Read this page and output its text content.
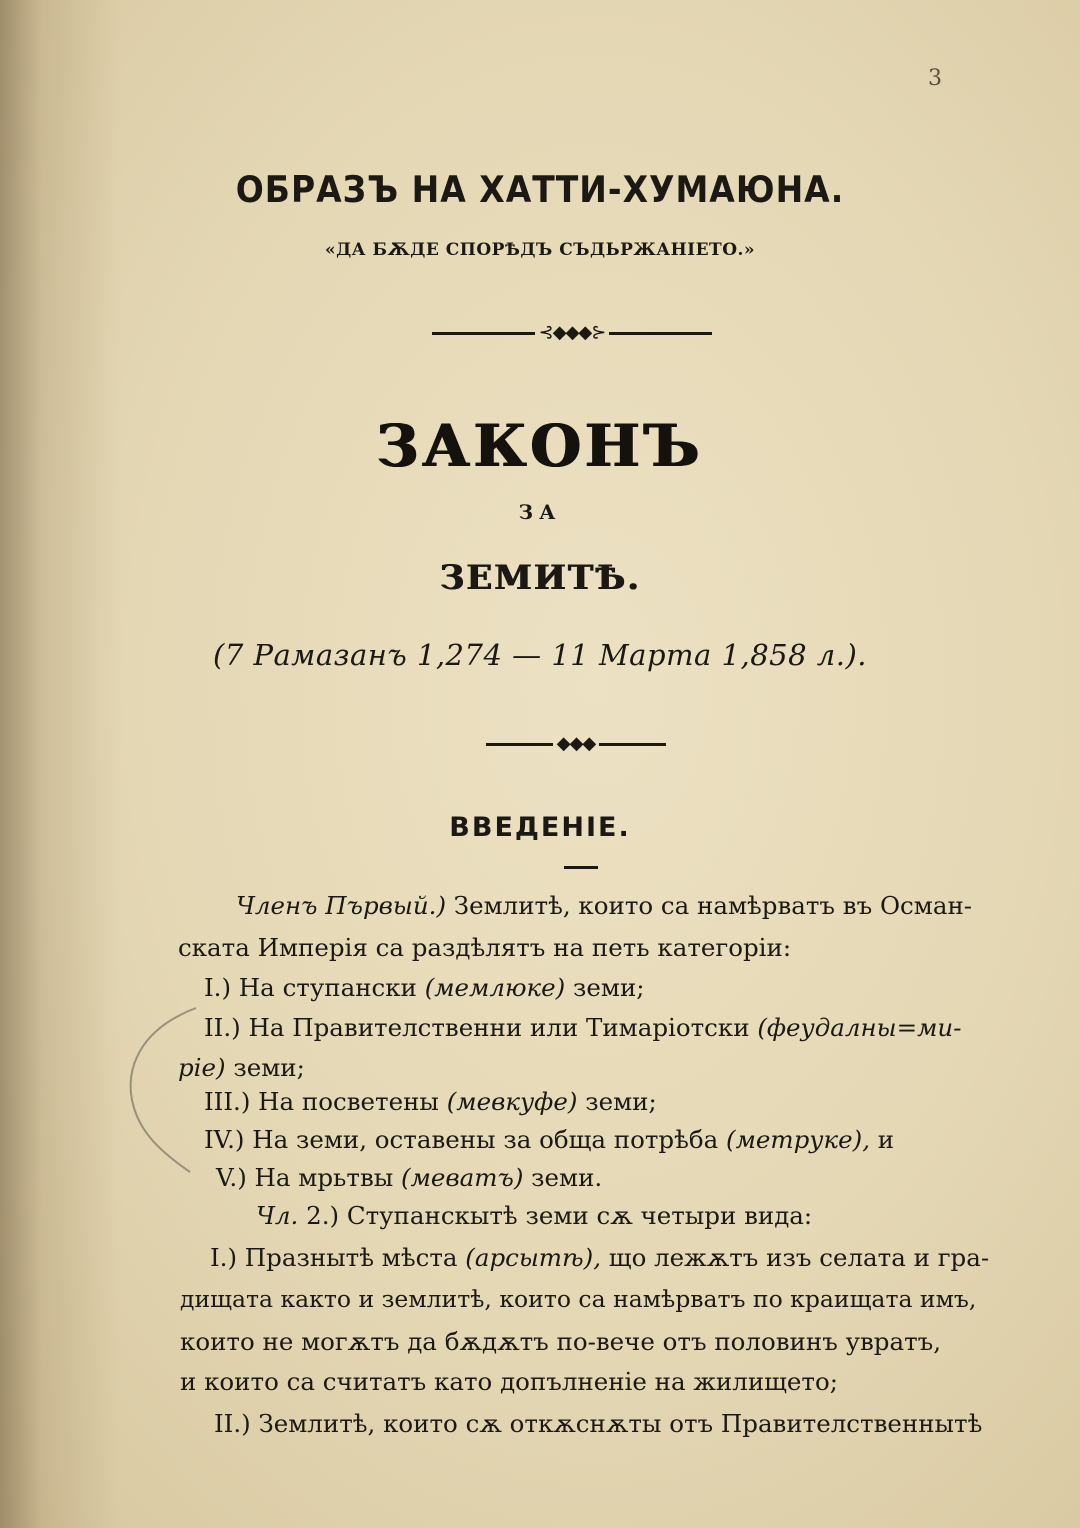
3
ОБРАЗЪ НА ХАТТИ-ХУМАЮНА.
«ДА БѪДЕ СПОРѢДЪ СЪДЬРЖАНІЕТО.»
⊰◆◆◆⊱
ЗАКОНЪ
ЗА
ЗЕМИТѢ.
(7 Рамазанъ 1,274 — 11 Марта 1,858 л.).
◆◆◆
ВВЕДЕНІЕ.
Членъ Първый.) Землитѣ, които са намѣрватъ въ Осман-
ската Имперія са раздѣлятъ на петь категоріи:
I.) На ступански (мемлюке) земи;
II.) На Правителственни или Тимаріотски (феудалны=ми-
ріе) земи;
III.) На посветены (мевкуфе) земи;
IV.) На земи, оставены за обща потрѣба (метруке), и
V.) На мрьтвы (меватъ) земи.
Чл. 2.) Ступанскытѣ земи сѫ четыри вида:
I.) Празнытѣ мѣста (арсытѣ), що лежѫтъ изъ селата и гра-
дищата както и землитѣ, които са намѣрватъ по краищата имъ,
които не могѫтъ да бѫдѫтъ по-вече отъ половинъ увратъ,
и които са считатъ като допълненіе на жилището;
II.) Землитѣ, които сѫ откѫснѫты отъ Правителственнытѣ
